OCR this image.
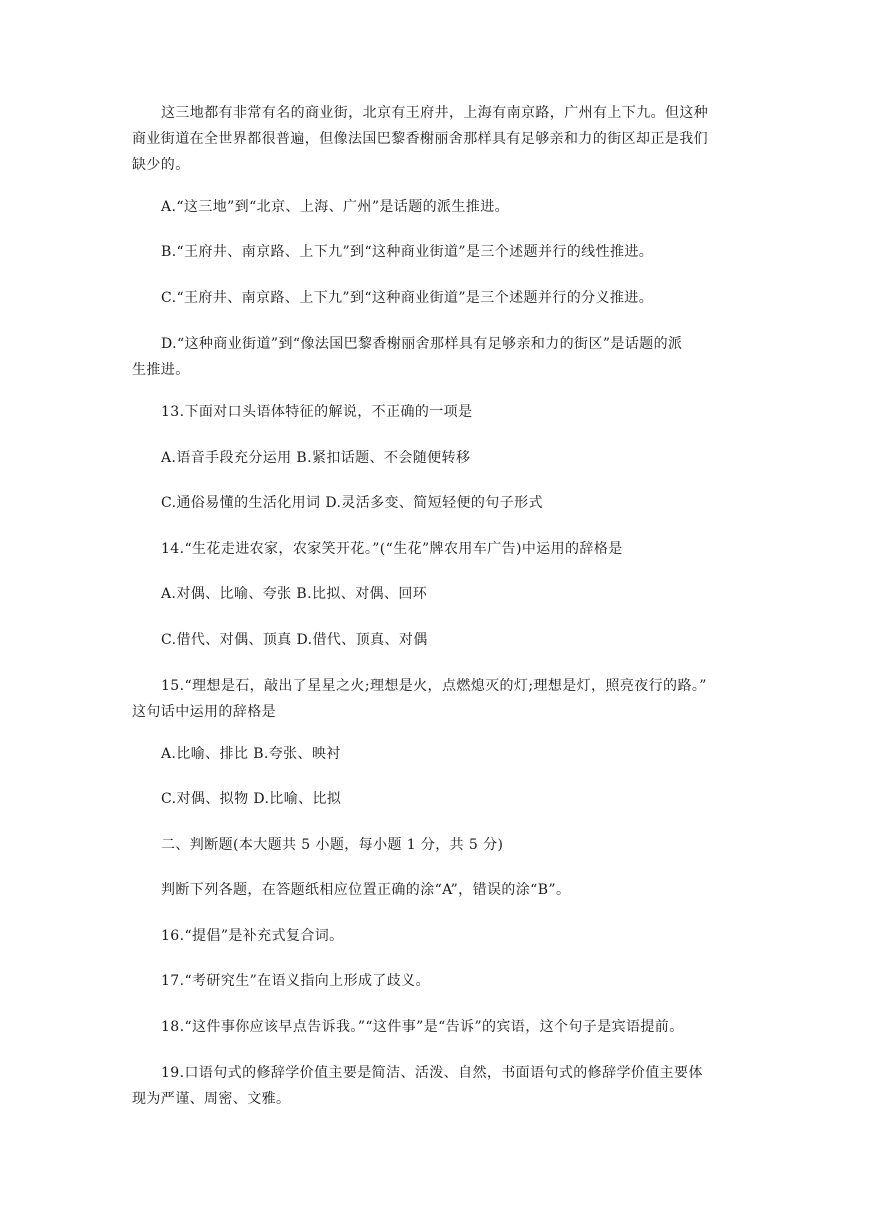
这三地都有非常有名的商业街，北京有王府井，上海有南京路，广州有上下九。但这种
商业街道在全世界都很普遍，但像法国巴黎香榭丽舍那样具有足够亲和力的街区却正是我们
缺少的。

A.“这三地”到“北京、上海、广州”是话题的派生推进。

B.“王府井、南京路、上下九”到“这种商业街道”是三个述题并行的线性推进。

C.“王府井、南京路、上下九”到“这种商业街道”是三个述题并行的分义推进。

D.“这种商业街道”到“像法国巴黎香榭丽舍那样具有足够亲和力的街区”是话题的派
生推进。

13.下面对口头语体特征的解说，不正确的一项是

A.语音手段充分运用 B.紧扣话题、不会随便转移

C.通俗易懂的生活化用词 D.灵活多变、简短轻便的句子形式

14.“生花走进农家，农家笑开花。”(“生花”牌农用车广告)中运用的辞格是

A.对偶、比喻、夸张 B.比拟、对偶、回环

C.借代、对偶、顶真 D.借代、顶真、对偶

15.“理想是石，敲出了星星之火;理想是火，点燃熄灭的灯;理想是灯，照亮夜行的路。”
这句话中运用的辞格是

A.比喻、排比 B.夸张、映衬

C.对偶、拟物 D.比喻、比拟

二、判断题(本大题共 5 小题，每小题 1 分，共 5 分)

判断下列各题，在答题纸相应位置正确的涂“A”，错误的涂“B”。

16.“提倡”是补充式复合词。

17.“考研究生”在语义指向上形成了歧义。

18.“这件事你应该早点告诉我。”“这件事”是“告诉”的宾语，这个句子是宾语提前。

19.口语句式的修辞学价值主要是简洁、活泼、自然，书面语句式的修辞学价值主要体
现为严谨、周密、文雅。
